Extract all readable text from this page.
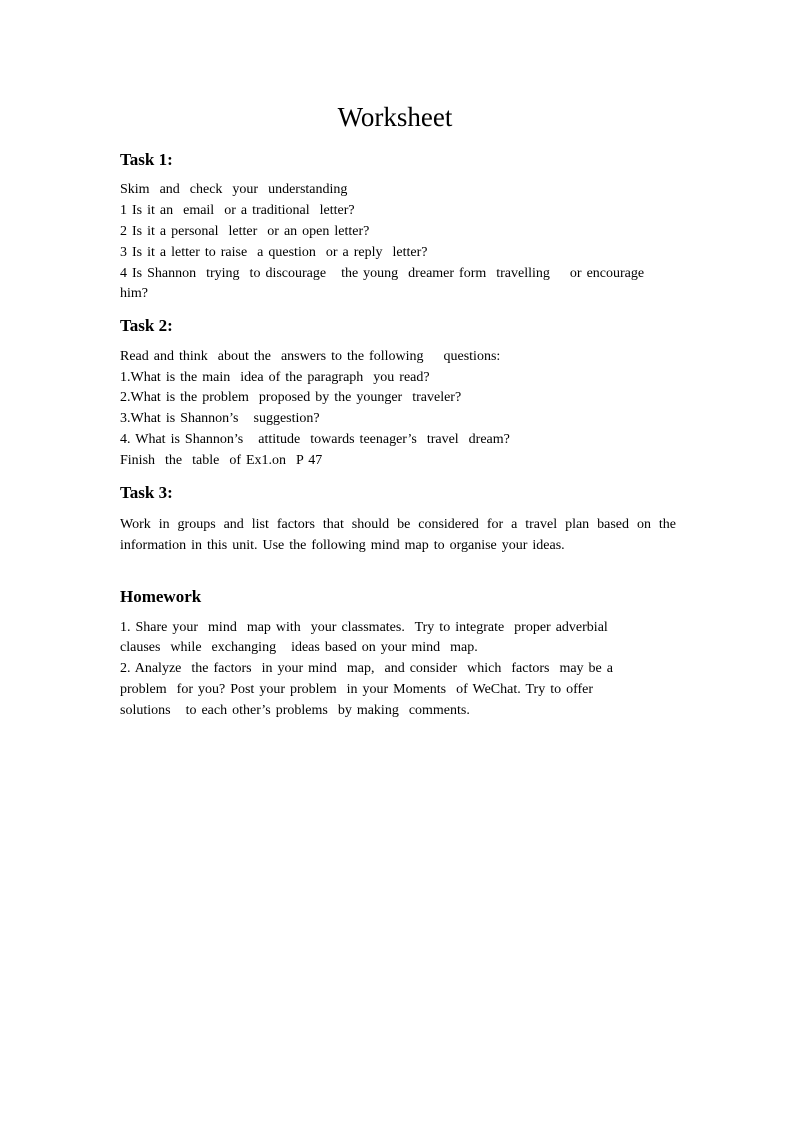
Worksheet
Task 1:
Skim  and  check  your  understanding
1 Is it an  email  or a traditional  letter?
2 Is it a personal  letter  or an open letter?
3 Is it a letter to raise  a question  or a reply  letter?
4 Is Shannon  trying  to discourage   the young  dreamer form  travelling    or encourage
him?
Task 2:
Read and think  about the  answers to the following    questions:
1.What is the main  idea of the paragraph  you read?
2.What is the problem  proposed by the younger  traveler?
3.What is Shannon’s   suggestion?
4. What is Shannon’s   attitude  towards teenager’s  travel  dream?
Finish  the  table  of Ex1.on  P 47
Task 3:
Work in groups and list factors that should be considered for a travel plan based on the information in this unit. Use the following mind map to organise your ideas.
Homework
1. Share your  mind  map with  your classmates.  Try to integrate  proper adverbial
clauses  while  exchanging   ideas based on your mind  map.
2. Analyze  the factors  in your mind  map,  and consider  which  factors  may be a
problem  for you? Post your problem  in your Moments  of WeChat. Try to offer
solutions   to each other’s problems  by making  comments.
